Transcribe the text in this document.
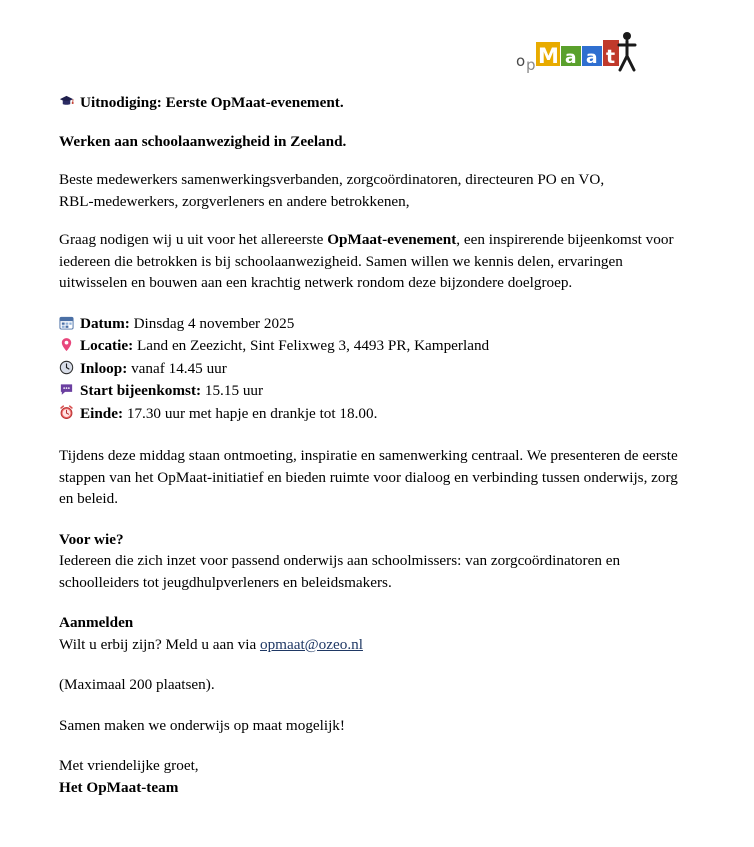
o p M a a t

Uitnodiging: Eerste OpMaat-evenement.

Werken aan schoolaanwezigheid in Zeeland.

Beste medewerkers samenwerkingsverbanden, zorgcoördinatoren, directeuren PO en VO,
RBL-medewerkers, zorgverleners en andere betrokkenen,

Graag nodigen wij u uit voor het allereerste OpMaat-evenement, een inspirerende bijeenkomst voor iedereen die betrokken is bij schoolaanwezigheid. Samen willen we kennis delen, ervaringen uitwisselen en bouwen aan een krachtig netwerk rondom deze bijzondere doelgroep.

Datum: Dinsdag 4 november 2025
Locatie: Land en Zeezicht, Sint Felixweg 3, 4493 PR, Kamperland
Inloop: vanaf 14.45 uur
Start bijeenkomst: 15.15 uur
Einde: 17.30 uur met hapje en drankje tot 18.00.

Tijdens deze middag staan ontmoeting, inspiratie en samenwerking centraal. We presenteren de eerste stappen van het OpMaat-initiatief en bieden ruimte voor dialoog en verbinding tussen onderwijs, zorg en beleid.

Voor wie?
Iedereen die zich inzet voor passend onderwijs aan schoolmissers: van zorgcoördinatoren en schoolleiders tot jeugdhulpverleners en beleidsmakers.

Aanmelden
Wilt u erbij zijn? Meld u aan via opmaat@ozeo.nl

(Maximaal 200 plaatsen).

Samen maken we onderwijs op maat mogelijk!

Met vriendelijke groet,
Het OpMaat-team
